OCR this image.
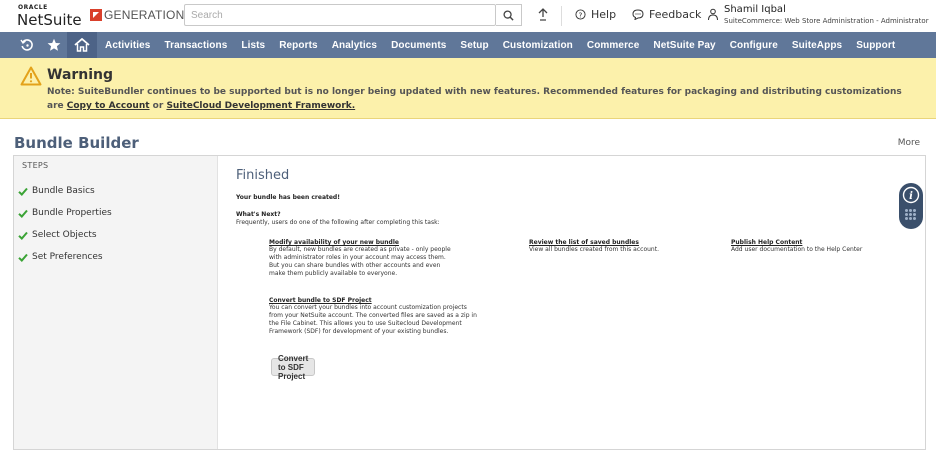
ORACLE
NetSuite GENERATION
Search	? Help	Feedback Shamil Iqbal
SuiteCommerce: Web Store Administration - Administrator
Activities Transactions Lists Reports Analytics Documents Setup Customization Commerce NetSuite Pay Configure SuiteApps Support
Warning
Note: SuiteBundler continues to be supported but is no longer being updated with new features. Recommended features for packaging and distributing customizations are Copy to Account or SuiteCloud Development Framework.
Bundle Builder	More
STEPS
Bundle Basics
Bundle Properties
Select Objects
Set Preferences
Finished
Your bundle has been created!
What's Next?
Frequently, users do one of the following after completing this task:
Modify availability of your new bundle
By default, new bundles are created as private - only people
with administrator roles in your account may access them.
But you can share bundles with other accounts and even
make them publicly available to everyone.
Review the list of saved bundles
View all bundles created from this account.
Publish Help Content
Add user documentation to the Help Center
Convert bundle to SDF Project
You can convert your bundles into account customization projects
from your NetSuite account. The converted files are saved as a zip in
the File Cabinet. This allows you to use Suitecloud Development
Framework (SDF) for development of your existing bundles.
Convert to SDF Project
i
